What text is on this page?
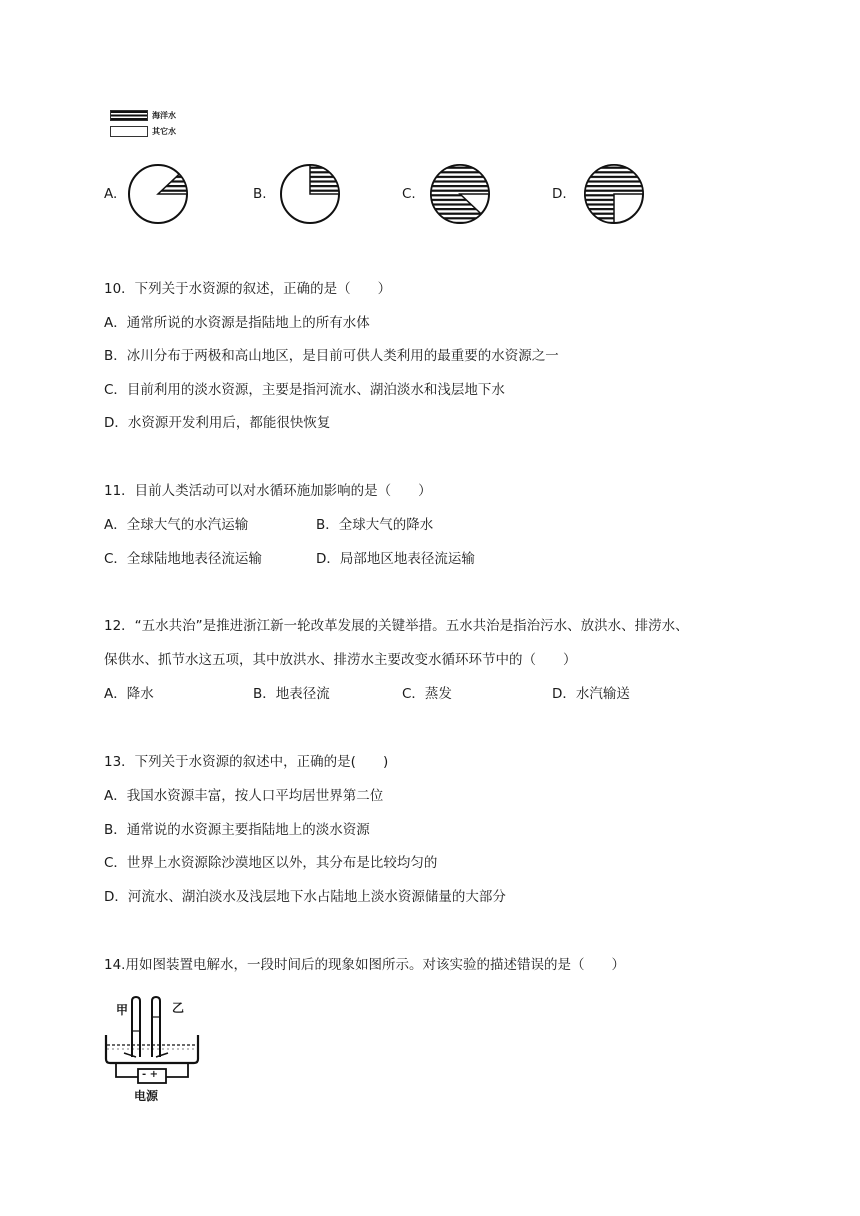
海洋水
其它水
A.	B.	C.	D.
10．下列关于水资源的叙述，正确的是（　　）
A．通常所说的水资源是指陆地上的所有水体
B．冰川分布于两极和高山地区，是目前可供人类利用的最重要的水资源之一
C．目前利用的淡水资源，主要是指河流水、湖泊淡水和浅层地下水
D．水资源开发利用后，都能很快恢复
11．目前人类活动可以对水循环施加影响的是（　　）
A．全球大气的水汽运输	B．全球大气的降水
C．全球陆地地表径流运输	D．局部地区地表径流运输
12．“五水共治”是推进浙江新一轮改革发展的关键举措。五水共治是指治污水、放洪水、排涝水、
保供水、抓节水这五项，其中放洪水、排涝水主要改变水循环环节中的（　　）
A．降水	B．地表径流	C．蒸发	D．水汽输送
13．下列关于水资源的叙述中，正确的是(　　)
A．我国水资源丰富，按人口平均居世界第二位
B．通常说的水资源主要指陆地上的淡水资源
C．世界上水资源除沙漠地区以外，其分布是比较均匀的
D．河流水、湖泊淡水及浅层地下水占陆地上淡水资源储量的大部分
14.用如图装置电解水，一段时间后的现象如图所示。对该实验的描述错误的是（　　）
甲	乙
- +
电源
